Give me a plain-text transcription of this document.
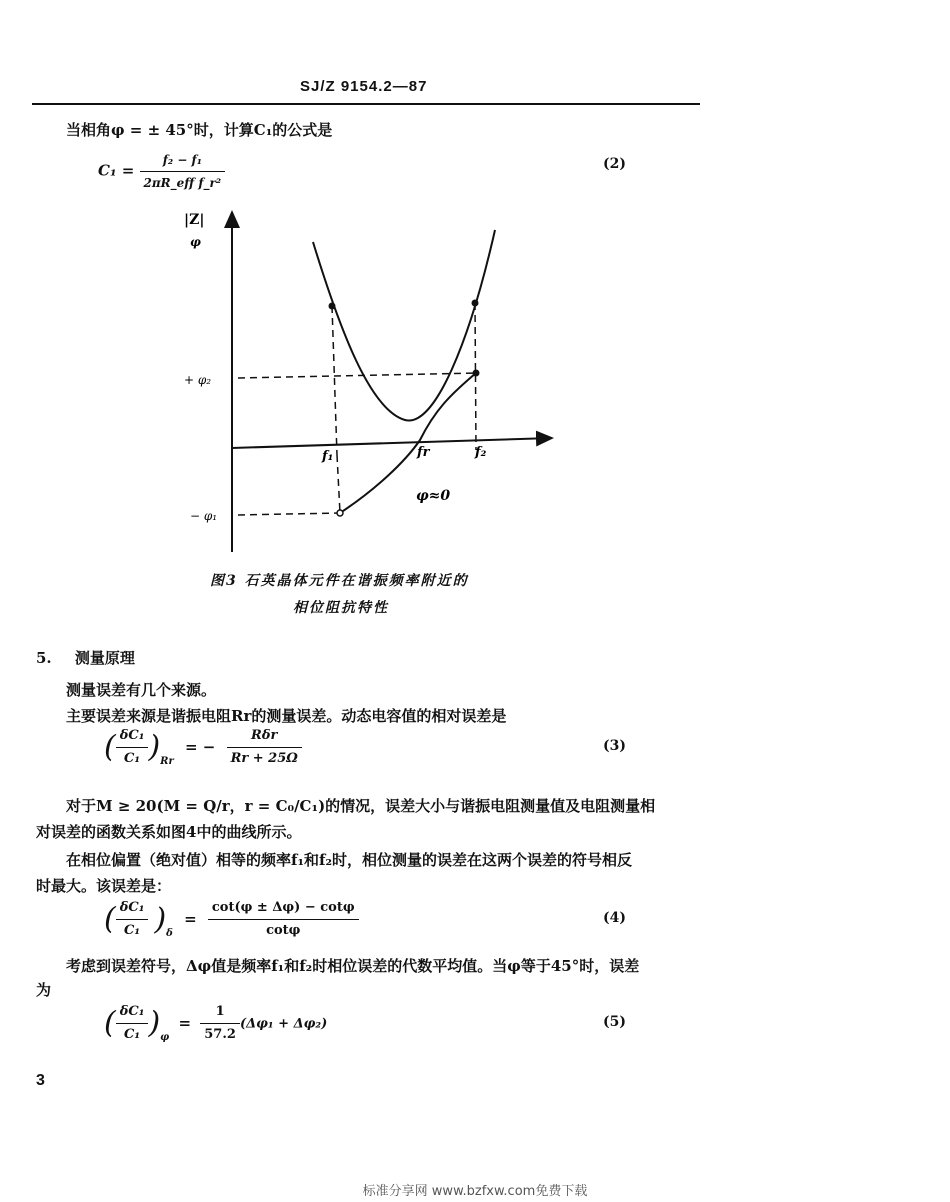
SJ/Z 9154.2—87
当相角φ = ± 45°时，计算C₁的公式是
$C_1 = \frac{\text{f₂ − f₁}}{\text{2πR\_eff f\_r²}}$	(2)
|Z|
φ
+ φ₂
− φ₁
f₁	fr	f₂
φ≈0
图3 石英晶体元件在谐振频率附近的
相位阻抗特性
5. 测量原理
测量误差有几个来源。
主要误差来源是谐振电阻Rr的测量误差。动态电容值的相对误差是
( $\frac{\text{δC₁}}{\text{C₁}} )_{Rr}$ = − $\frac{\text{Rδr}}{Rr + 25\Omega}$	(3)
对于M ≥ 20(M = Q/r，r = C₀/C₁)的情况，误差大小与谐振电阻测量值及电阻测量相
对误差的函数关系如图4中的曲线所示。
在相位偏置（绝对值）相等的频率f₁和f₂时，相位测量的误差在这两个误差的符号相反
时最大。该误差是：
( $\frac{\text{δC₁}}{\text{C₁}} )_\delta = \frac{\cot(\varphi \pm \Delta\varphi) - \cot\varphi}{\cot\varphi}$	(4)
考虑到误差符号，Δφ值是频率f₁和f₂时相位误差的代数平均值。当φ等于45°时，误差
为
( $\frac{\text{δC₁}}{\text{C₁}} )_\varphi = \frac{1}{57.2} (\Delta\varphi_1 + \Delta\varphi_2)$	(5)
3
标准分享网 www.bzfxw.com免费下载
